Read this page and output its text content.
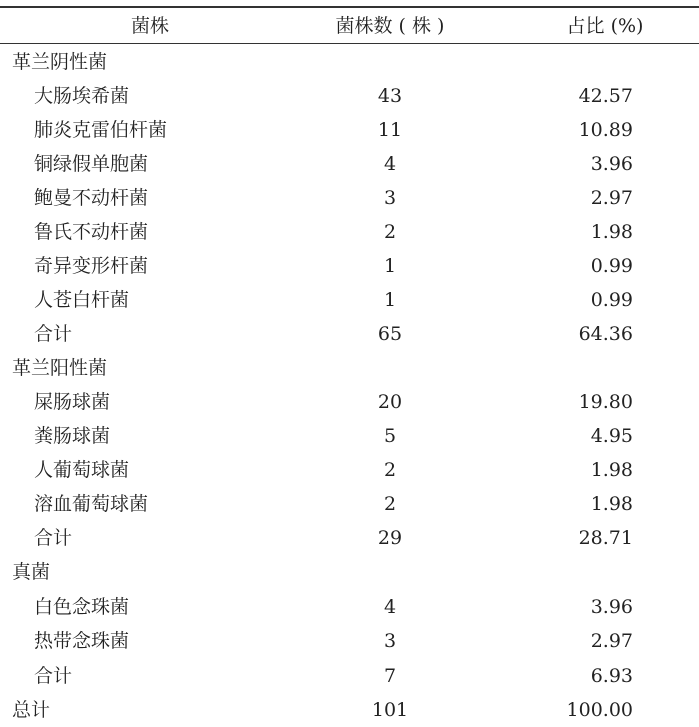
菌株	菌株数 ( 株 )	占比 (%)
革兰阴性菌
大肠埃希菌	43	42.57
肺炎克雷伯杆菌	11	10.89
铜绿假单胞菌	4	3.96
鲍曼不动杆菌	3	2.97
鲁氏不动杆菌	2	1.98
奇异变形杆菌	1	0.99
人苍白杆菌	1	0.99
合计	65	64.36
革兰阳性菌
屎肠球菌	20	19.80
粪肠球菌	5	4.95
人葡萄球菌	2	1.98
溶血葡萄球菌	2	1.98
合计	29	28.71
真菌
白色念珠菌	4	3.96
热带念珠菌	3	2.97
合计	7	6.93
总计	101	100.00
